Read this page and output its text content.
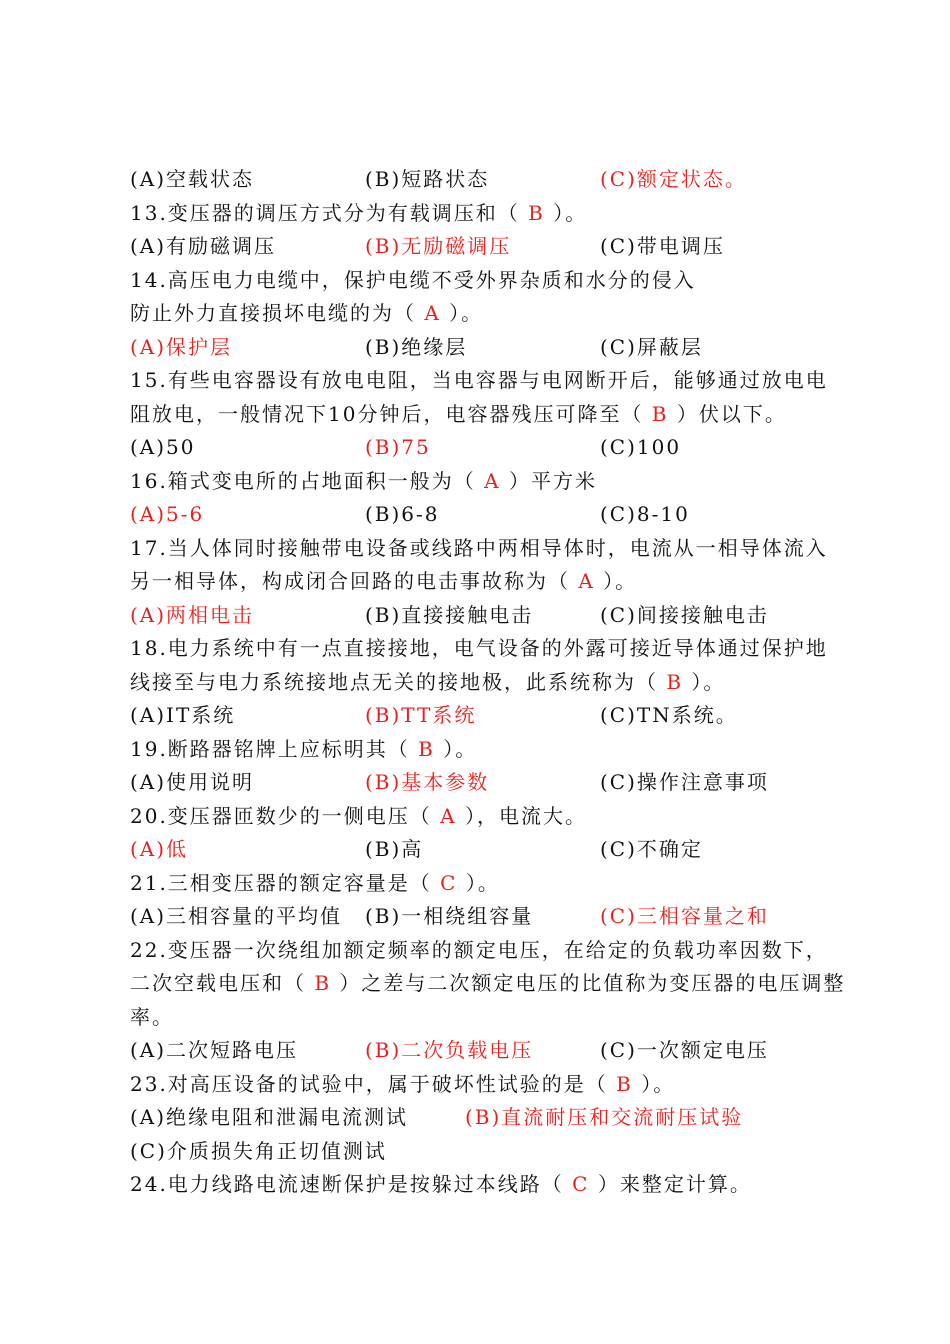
(A)空载状态	(B)短路状态	(C)额定状态。
13.变压器的调压方式分为有载调压和（ B ）。
(A)有励磁调压	(B)无励磁调压	(C)带电调压
14.高压电力电缆中，保护电缆不受外界杂质和水分的侵入
防止外力直接损坏电缆的为（ A ）。
(A)保护层	(B)绝缘层	(C)屏蔽层
15.有些电容器设有放电电阻，当电容器与电网断开后，能够通过放电电
阻放电，一般情况下10分钟后，电容器残压可降至（ B ）伏以下。
(A)50	(B)75	(C)100
16.箱式变电所的占地面积一般为（ A ）平方米
(A)5-6	(B)6-8	(C)8-10
17.当人体同时接触带电设备或线路中两相导体时，电流从一相导体流入
另一相导体，构成闭合回路的电击事故称为（ A ）。
(A)两相电击	(B)直接接触电击	(C)间接接触电击
18.电力系统中有一点直接接地，电气设备的外露可接近导体通过保护地
线接至与电力系统接地点无关的接地极，此系统称为（ B ）。
(A)IT系统	(B)TT系统	(C)TN系统。
19.断路器铭牌上应标明其（ B ）。
(A)使用说明	(B)基本参数	(C)操作注意事项
20.变压器匝数少的一侧电压（ A ），电流大。
(A)低	(B)高	(C)不确定
21.三相变压器的额定容量是（ C ）。
(A)三相容量的平均值 (B)一相绕组容量	(C)三相容量之和
22.变压器一次绕组加额定频率的额定电压，在给定的负载功率因数下，
二次空载电压和（ B ）之差与二次额定电压的比值称为变压器的电压调整
率。
(A)二次短路电压	(B)二次负载电压	(C)一次额定电压
23.对高压设备的试验中，属于破坏性试验的是（ B ）。
(A)绝缘电阻和泄漏电流测试	(B)直流耐压和交流耐压试验
(C)介质损失角正切值测试
24.电力线路电流速断保护是按躲过本线路（ C ）来整定计算。
